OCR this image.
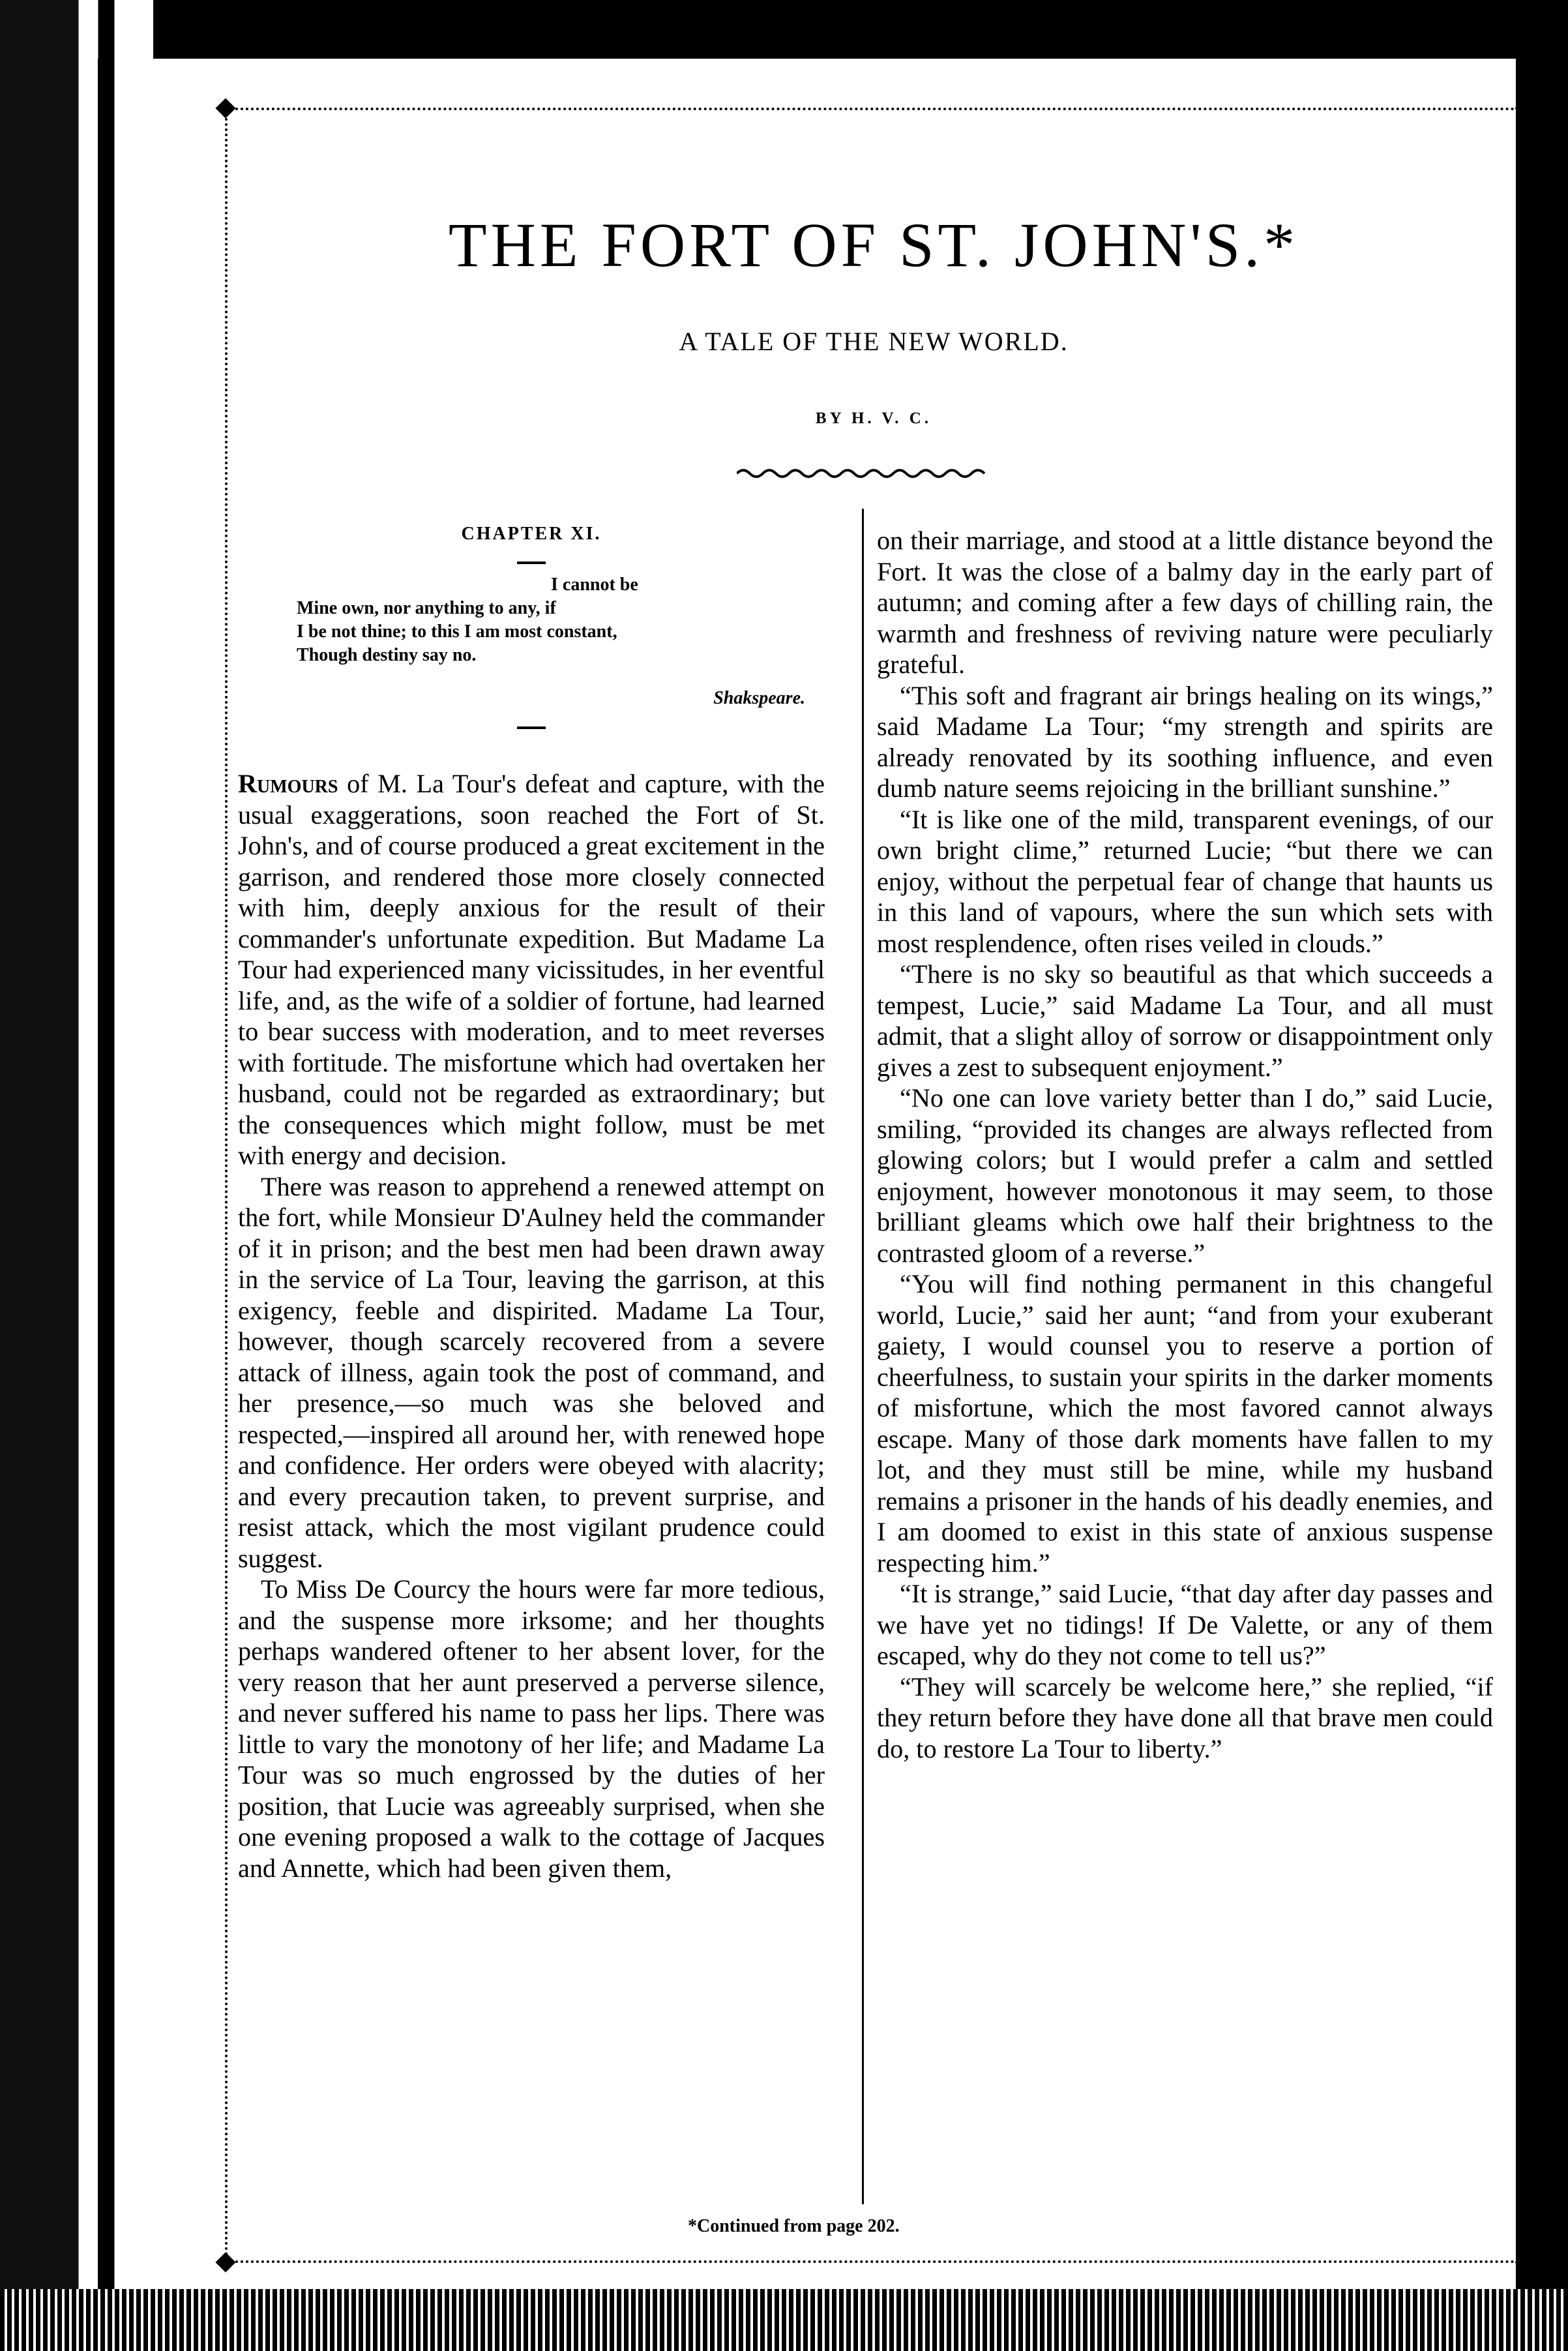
THE FORT OF ST. JOHN'S.*
A TALE OF THE NEW WORLD.
BY H. V. C.
CHAPTER XI.
I cannot be
Mine own, nor anything to any, if
I be not thine; to this I am most constant,
Though destiny say no.
Shakspeare.

Rumours of M. La Tour's defeat and capture, with the usual exaggerations, soon reached the Fort of St. John's, and of course produced a great excitement in the garrison, and rendered those more closely connected with him, deeply anxious for the result of their commander's unfortunate expedition. But Madame La Tour had experienced many vicissitudes, in her eventful life, and, as the wife of a soldier of fortune, had learned to bear success with moderation, and to meet reverses with fortitude. The misfortune which had overtaken her husband, could not be regarded as extraordinary; but the consequences which might follow, must be met with energy and decision.

There was reason to apprehend a renewed attempt on the fort, while Monsieur D'Aulney held the commander of it in prison; and the best men had been drawn away in the service of La Tour, leaving the garrison, at this exigency, feeble and dispirited. Madame La Tour, however, though scarcely recovered from a severe attack of illness, again took the post of command, and her presence,—so much was she beloved and respected,—inspired all around her, with renewed hope and confidence. Her orders were obeyed with alacrity; and every precaution taken, to prevent surprise, and resist attack, which the most vigilant prudence could suggest.

To Miss De Courcy the hours were far more tedious, and the suspense more irksome; and her thoughts perhaps wandered oftener to her absent lover, for the very reason that her aunt preserved a perverse silence, and never suffered his name to pass her lips. There was little to vary the monotony of her life; and Madame La Tour was so much engrossed by the duties of her position, that Lucie was agreeably surprised, when she one evening proposed a walk to the cottage of Jacques and Annette, which had been given them,

on their marriage, and stood at a little distance beyond the Fort. It was the close of a balmy day in the early part of autumn; and coming after a few days of chilling rain, the warmth and freshness of reviving nature were peculiarly grateful.

“This soft and fragrant air brings healing on its wings,” said Madame La Tour; “my strength and spirits are already renovated by its soothing influence, and even dumb nature seems rejoicing in the brilliant sunshine.”

“It is like one of the mild, transparent evenings, of our own bright clime,” returned Lucie; “but there we can enjoy, without the perpetual fear of change that haunts us in this land of vapours, where the sun which sets with most resplendence, often rises veiled in clouds.”

“There is no sky so beautiful as that which succeeds a tempest, Lucie,” said Madame La Tour, and all must admit, that a slight alloy of sorrow or disappointment only gives a zest to subsequent enjoyment.”

“No one can love variety better than I do,” said Lucie, smiling, “provided its changes are always reflected from glowing colors; but I would prefer a calm and settled enjoyment, however monotonous it may seem, to those brilliant gleams which owe half their brightness to the contrasted gloom of a reverse.”

“You will find nothing permanent in this changeful world, Lucie,” said her aunt; “and from your exuberant gaiety, I would counsel you to reserve a portion of cheerfulness, to sustain your spirits in the darker moments of misfortune, which the most favored cannot always escape. Many of those dark moments have fallen to my lot, and they must still be mine, while my husband remains a prisoner in the hands of his deadly enemies, and I am doomed to exist in this state of anxious suspense respecting him.”

“It is strange,” said Lucie, “that day after day passes and we have yet no tidings! If De Valette, or any of them escaped, why do they not come to tell us?”

“They will scarcely be welcome here,” she replied, “if they return before they have done all that brave men could do, to restore La Tour to liberty.”

*Continued from page 202.
